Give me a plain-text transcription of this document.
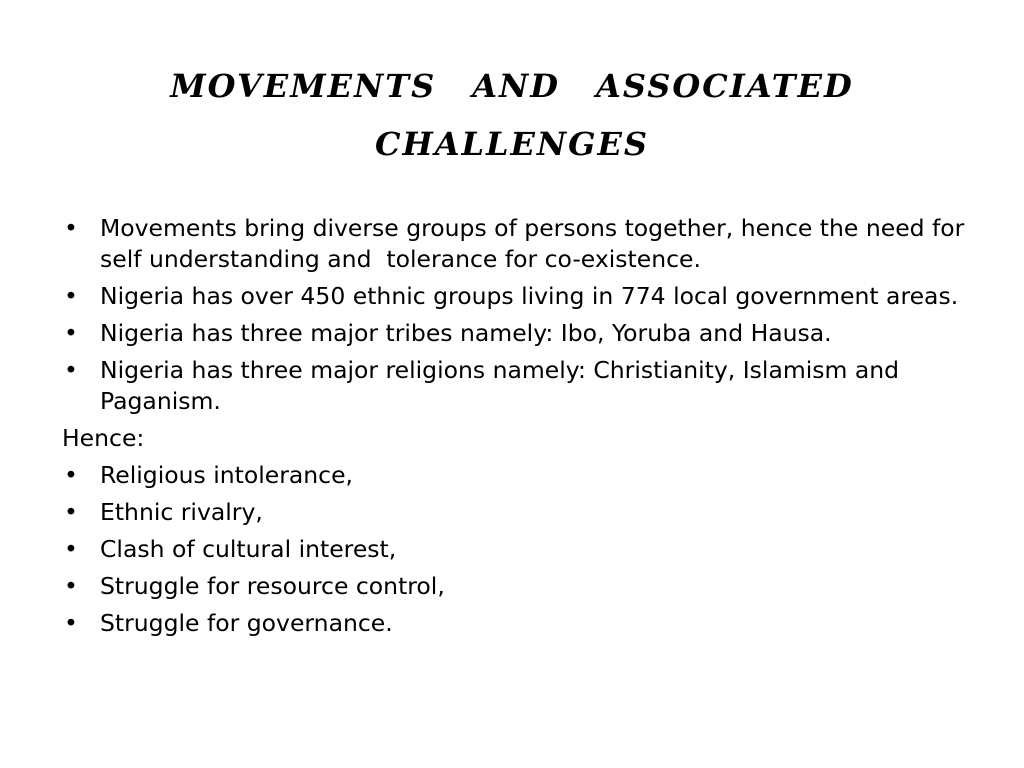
movements  and  associated
challenges
• Movements bring diverse groups of persons together, hence the need for self understanding and  tolerance for co-existence.
• Nigeria has over 450 ethnic groups living in 774 local government areas.
• Nigeria has three major tribes namely: Ibo, Yoruba and Hausa.
• Nigeria has three major religions namely: Christianity, Islamism and Paganism.
Hence:
• Religious intolerance,
• Ethnic rivalry,
• Clash of cultural interest,
• Struggle for resource control,
• Struggle for governance.
